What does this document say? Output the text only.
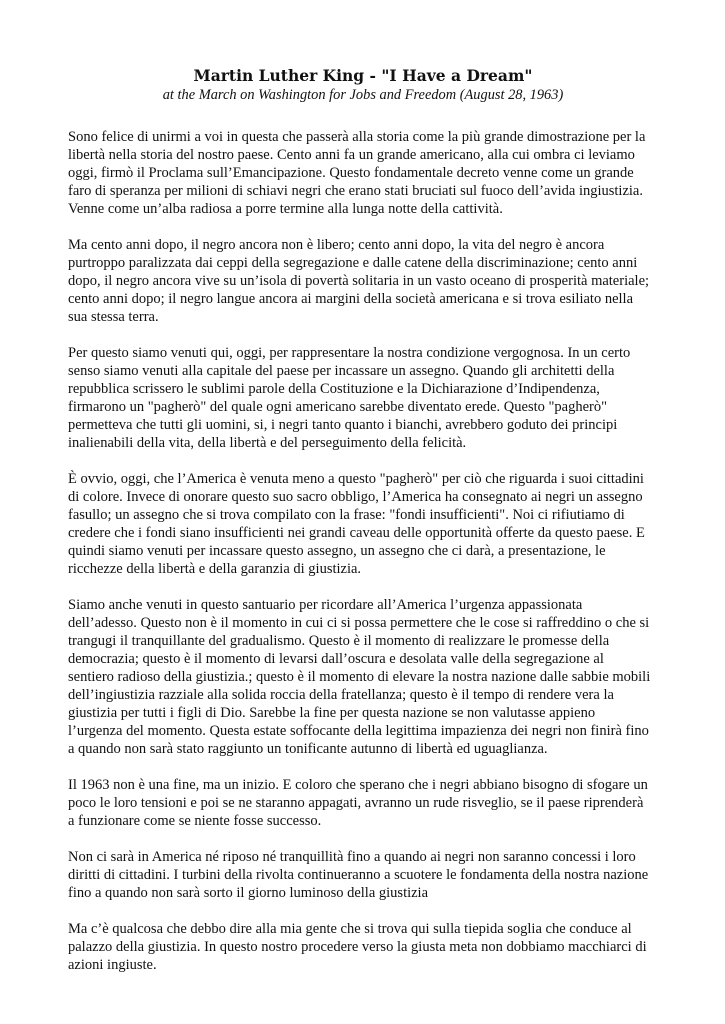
Martin Luther King - "I Have a Dream"

at the March on Washington for Jobs and Freedom (August 28, 1963)

Sono felice di unirmi a voi in questa che passerà alla storia come la più grande dimostrazione per la
libertà nella storia del nostro paese. Cento anni fa un grande americano, alla cui ombra ci leviamo
oggi, firmò il Proclama sull’Emancipazione. Questo fondamentale decreto venne come un grande
faro di speranza per milioni di schiavi negri che erano stati bruciati sul fuoco dell’avida ingiustizia.
Venne come un’alba radiosa a porre termine alla lunga notte della cattività.

Ma cento anni dopo, il negro ancora non è libero; cento anni dopo, la vita del negro è ancora
purtroppo paralizzata dai ceppi della segregazione e dalle catene della discriminazione; cento anni
dopo, il negro ancora vive su un’isola di povertà solitaria in un vasto oceano di prosperità materiale;
cento anni dopo; il negro langue ancora ai margini della società americana e si trova esiliato nella
sua stessa terra.

Per questo siamo venuti qui, oggi, per rappresentare la nostra condizione vergognosa. In un certo
senso siamo venuti alla capitale del paese per incassare un assegno. Quando gli architetti della
repubblica scrissero le sublimi parole della Costituzione e la Dichiarazione d’Indipendenza,
firmarono un "pagherò" del quale ogni americano sarebbe diventato erede. Questo "pagherò"
permetteva che tutti gli uomini, si, i negri tanto quanto i bianchi, avrebbero goduto dei principi
inalienabili della vita, della libertà e del perseguimento della felicità.

È ovvio, oggi, che l’America è venuta meno a questo "pagherò" per ciò che riguarda i suoi cittadini
di colore. Invece di onorare questo suo sacro obbligo, l’America ha consegnato ai negri un assegno
fasullo; un assegno che si trova compilato con la frase: "fondi insufficienti". Noi ci rifiutiamo di
credere che i fondi siano insufficienti nei grandi caveau delle opportunità offerte da questo paese. E
quindi siamo venuti per incassare questo assegno, un assegno che ci darà, a presentazione, le
ricchezze della libertà e della garanzia di giustizia.

Siamo anche venuti in questo santuario per ricordare all’America l’urgenza appassionata
dell’adesso. Questo non è il momento in cui ci si possa permettere che le cose si raffreddino o che si
trangugi il tranquillante del gradualismo. Questo è il momento di realizzare le promesse della
democrazia; questo è il momento di levarsi dall’oscura e desolata valle della segregazione al
sentiero radioso della giustizia.; questo è il momento di elevare la nostra nazione dalle sabbie mobili
dell’ingiustizia razziale alla solida roccia della fratellanza; questo è il tempo di rendere vera la
giustizia per tutti i figli di Dio. Sarebbe la fine per questa nazione se non valutasse appieno
l’urgenza del momento. Questa estate soffocante della legittima impazienza dei negri non finirà fino
a quando non sarà stato raggiunto un tonificante autunno di libertà ed uguaglianza.

Il 1963 non è una fine, ma un inizio. E coloro che sperano che i negri abbiano bisogno di sfogare un
poco le loro tensioni e poi se ne staranno appagati, avranno un rude risveglio, se il paese riprenderà
a funzionare come se niente fosse successo.

Non ci sarà in America né riposo né tranquillità fino a quando ai negri non saranno concessi i loro
diritti di cittadini. I turbini della rivolta continueranno a scuotere le fondamenta della nostra nazione
fino a quando non sarà sorto il giorno luminoso della giustizia

Ma c’è qualcosa che debbo dire alla mia gente che si trova qui sulla tiepida soglia che conduce al
palazzo della giustizia. In questo nostro procedere verso la giusta meta non dobbiamo macchiarci di
azioni ingiuste.
